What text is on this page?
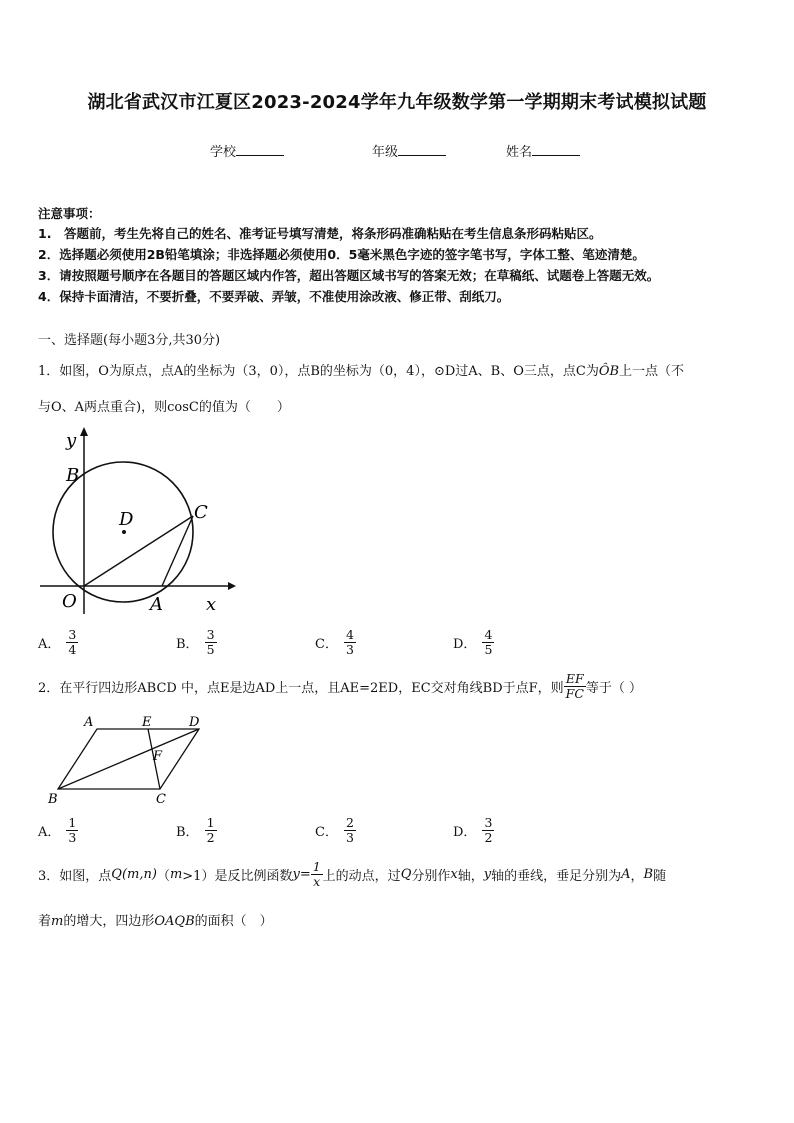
湖北省武汉市江夏区2023-2024学年九年级数学第一学期期末考试模拟试题
学校	年级	姓名
注意事项：
1.　答题前，考生先将自己的姓名、准考证号填写清楚，将条形码准确粘贴在考生信息条形码粘贴区。
2．选择题必须使用2B铅笔填涂；非选择题必须使用0．5毫米黑色字迹的签字笔书写，字体工整、笔迹清楚。
3．请按照题号顺序在各题目的答题区域内作答，超出答题区域书写的答案无效；在草稿纸、试题卷上答题无效。
4．保持卡面清洁，不要折叠，不要弄破、弄皱，不准使用涂改液、修正带、刮纸刀。
一、选择题(每小题3分,共30分)
1．如图，O为原点，点A的坐标为（3，0），点B的坐标为（0，4），⊙D过A、B、O三点，点C为ÔB上一点（不
与O、A两点重合)，则cosC的值为（　　）
y
B
D	C
O	A x
A． $\frac{3}{4}$	B． $\frac{3}{5}$	C． $\frac{4}{3}$	D． $\frac{4}{5}$
2．在平行四边形ABCD 中，点E是边AD上一点，且AE=2ED，EC交对角线BD于点F，则 $\frac{EF}{FC}$ 等于（ ）
A	E	D
F
B	C
A． $\frac{1}{3}$	B． $\frac{1}{2}$	C． $\frac{2}{3}$	D． $\frac{3}{2}$
3．如图，点 Q (m,n) （ m >1）是反比例函数 $y = \frac{1}{x}$ 上的动点，过 Q 分别作 x 轴， y 轴的垂线，垂足分别为 A ， B 随
着m的增大，四边形OAQB的面积（　）
